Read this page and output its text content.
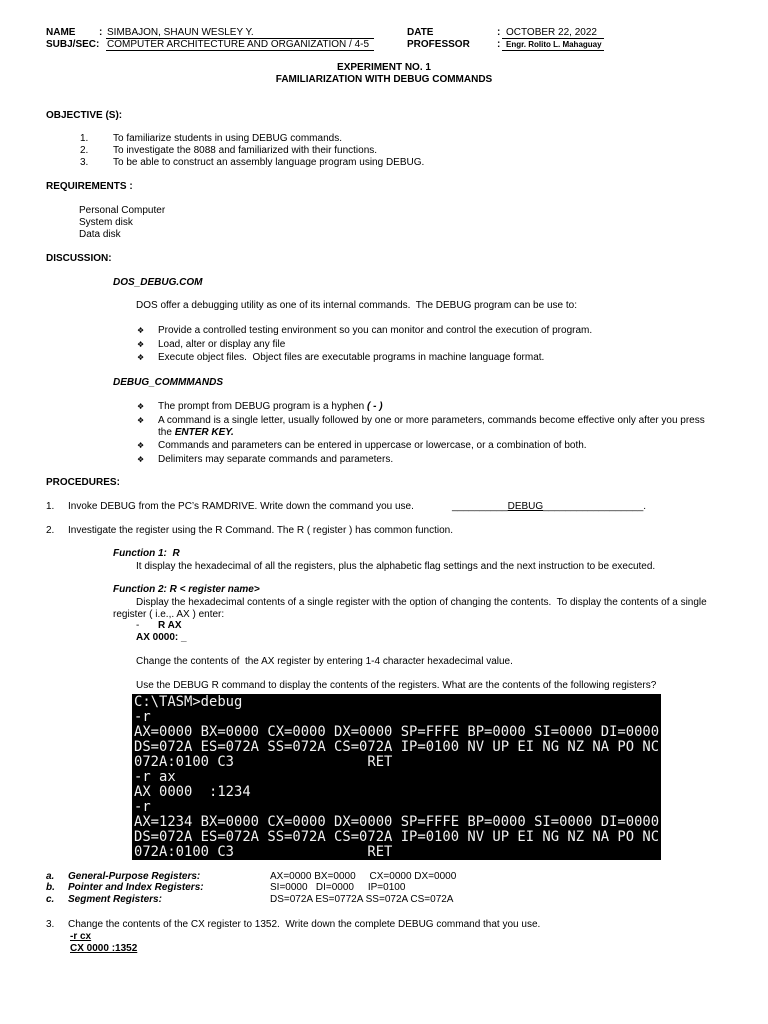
NAME : SIMBAJON, SHAUN WESLEY Y.	DATE	: OCTOBER 22, 2022
SUBJ/SEC: COMPUTER ARCHITECTURE AND ORGANIZATION / 4-5	PROFESSOR	: Engr. Rolito L. Mahaguay
EXPERIMENT NO. 1
FAMILIARIZATION WITH DEBUG COMMANDS
OBJECTIVE (S):
1. To familiarize students in using DEBUG commands.
2. To investigate the 8088 and familiarized with their functions.
3. To be able to construct an assembly language program using DEBUG.
REQUIREMENTS :
Personal Computer
System disk
Data disk
DISCUSSION:
DOS_DEBUG.COM
DOS offer a debugging utility as one of its internal commands.  The DEBUG program can be use to:
❖ Provide a controlled testing environment so you can monitor and control the execution of program.
❖ Load, alter or display any file
❖ Execute object files.  Object files are executable programs in machine language format.
DEBUG_COMMMANDS
❖ The prompt from DEBUG program is a hyphen ( - )
❖ A command is a single letter, usually followed by one or more parameters, commands become effective only after you press
the ENTER KEY.
❖ Commands and parameters can be entered in uppercase or lowercase, or a combination of both.
❖ Delimiters may separate commands and parameters.
PROCEDURES:
1. Invoke DEBUG from the PC’s RAMDRIVE. Write down the command you use.	__________DEBUG__________________.
2. Investigate the register using the R Command. The R ( register ) has common function.
Function 1:  R
It display the hexadecimal of all the registers, plus the alphabetic flag settings and the next instruction to be executed.
Function 2: R < register name>
Display the hexadecimal contents of a single register with the option of changing the contents.  To display the contents of a single
register ( i.e.,. AX ) enter:
- R AX
AX 0000: _
Change the contents of  the AX register by entering 1-4 character hexadecimal value.
Use the DEBUG R command to display the contents of the registers. What are the contents of the following registers?
C:\TASM>debug
-r
AX=0000 BX=0000 CX=0000 DX=0000 SP=FFFE BP=0000 SI=0000 DI=0000
DS=072A ES=072A SS=072A CS=072A IP=0100 NV UP EI NG NZ NA PO NC
072A:0100 C3                RET
-r ax
AX 0000  :1234
-r
AX=1234 BX=0000 CX=0000 DX=0000 SP=FFFE BP=0000 SI=0000 DI=0000
DS=072A ES=072A SS=072A CS=072A IP=0100 NV UP EI NG NZ NA PO NC
072A:0100 C3                RET
a. General-Purpose Registers:	AX=0000 BX=0000     CX=0000 DX=0000
b. Pointer and Index Registers:	SI=0000   DI=0000     IP=0100
c. Segment Registers:	DS=072A ES=0772A SS=072A CS=072A
3. Change the contents of the CX register to 1352.  Write down the complete DEBUG command that you use.
-r cx
CX 0000 :1352
